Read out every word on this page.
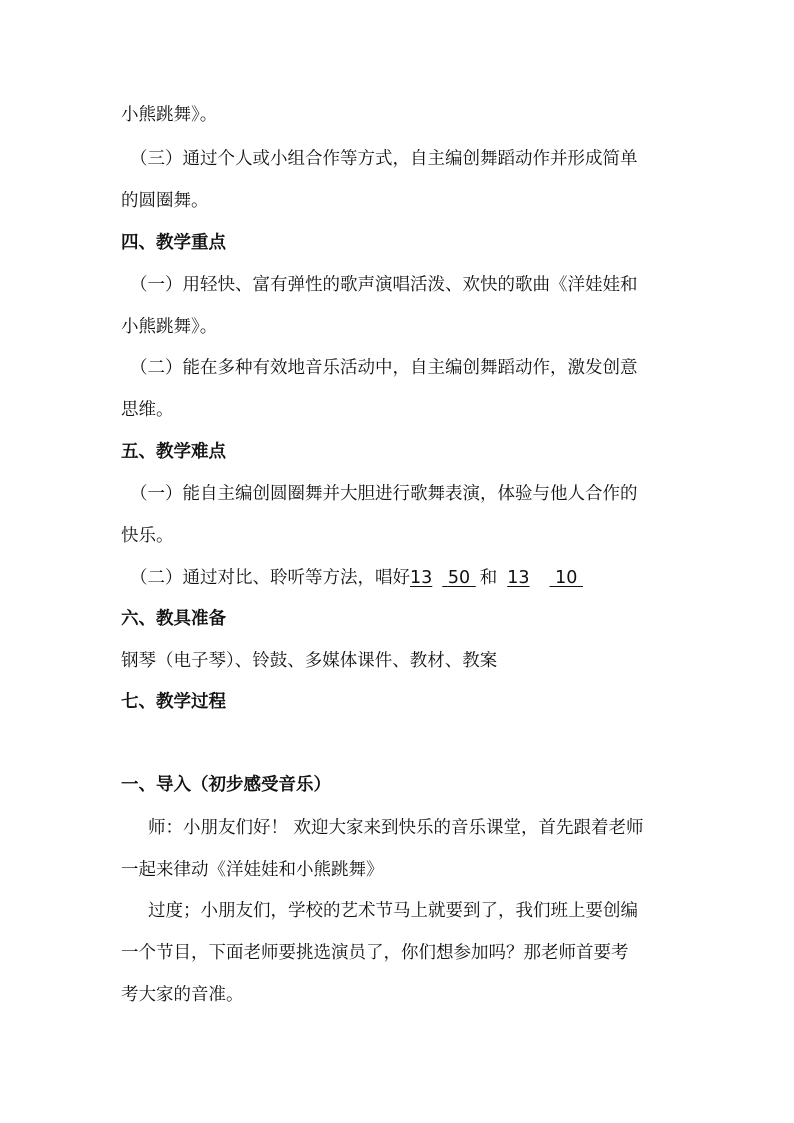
小熊跳舞》。
（三）通过个人或小组合作等方式，自主编创舞蹈动作并形成简单
的圆圈舞。
四、教学重点
（一）用轻快、富有弹性的歌声演唱活泼、欢快的歌曲《洋娃娃和
小熊跳舞》。
（二）能在多种有效地音乐活动中，自主编创舞蹈动作，激发创意
思维。
五、教学难点
（一）能自主编创圆圈舞并大胆进行歌舞表演，体验与他人合作的
快乐。
（二）通过对比、聆听等方法，唱好13 50 和 13 10
六、教具准备
钢琴（电子琴）、铃鼓、多媒体课件、教材、教案
七、教学过程
一、导入（初步感受音乐）
师：小朋友们好！ 欢迎大家来到快乐的音乐课堂，首先跟着老师
一起来律动《洋娃娃和小熊跳舞》
过度；小朋友们，学校的艺术节马上就要到了，我们班上要创编
一个节目，下面老师要挑选演员了，你们想参加吗？那老师首要考
考大家的音准。
